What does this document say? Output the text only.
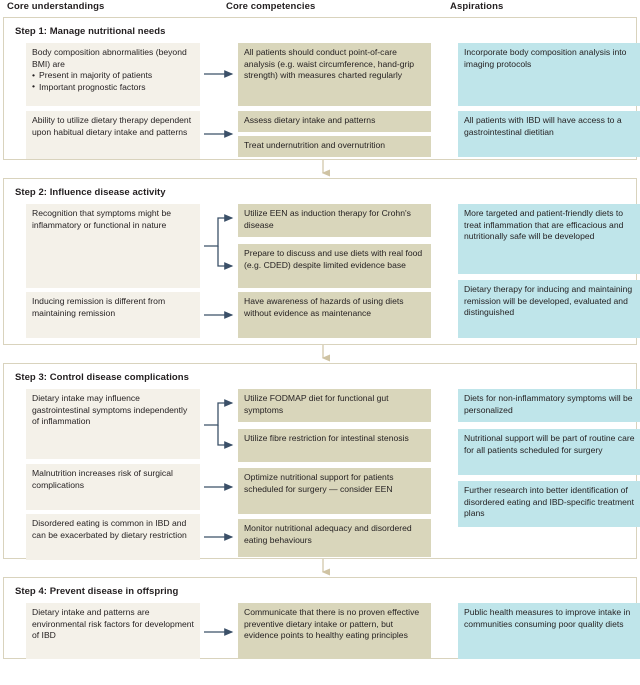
Core understandings	Core competencies	Aspirations
Step 1: Manage nutritional needs
Body composition abnormalities (beyond BMI) are
• Present in majority of patients
• Important prognostic factors
Ability to utilize dietary therapy dependent upon habitual dietary intake and patterns
All patients should conduct point-of-care analysis (e.g. waist circumference, hand-grip strength) with measures charted regularly
Assess dietary intake and patterns
Treat undernutrition and overnutrition
Incorporate body composition analysis into imaging protocols
All patients with IBD will have access to a gastrointestinal dietitian
Step 2: Influence disease activity
Recognition that symptoms might be inflammatory or functional in nature
Inducing remission is different from maintaining remission
Utilize EEN as induction therapy for Crohn's disease
Prepare to discuss and use diets with real food (e.g. CDED) despite limited evidence base
Have awareness of hazards of using diets without evidence as maintenance
More targeted and patient-friendly diets to treat inflammation that are efficacious and nutritionally safe will be developed
Dietary therapy for inducing and maintaining remission will be developed, evaluated and distinguished
Step 3: Control disease complications
Dietary intake may influence gastrointestinal symptoms independently of inflammation
Malnutrition increases risk of surgical complications
Disordered eating is common in IBD and can be exacerbated by dietary restriction
Utilize FODMAP diet for functional gut symptoms
Utilize fibre restriction for intestinal stenosis
Optimize nutritional support for patients scheduled for surgery — consider EEN
Monitor nutritional adequacy and disordered eating behaviours
Diets for non-inflammatory symptoms will be personalized
Nutritional support will be part of routine care for all patients scheduled for surgery
Further research into better identification of disordered eating and IBD-specific treatment plans
Step 4: Prevent disease in offspring
Dietary intake and patterns are environmental risk factors for development of IBD
Communicate that there is no proven effective preventive dietary intake or pattern, but evidence points to healthy eating principles
Public health measures to improve intake in communities consuming poor quality diets
